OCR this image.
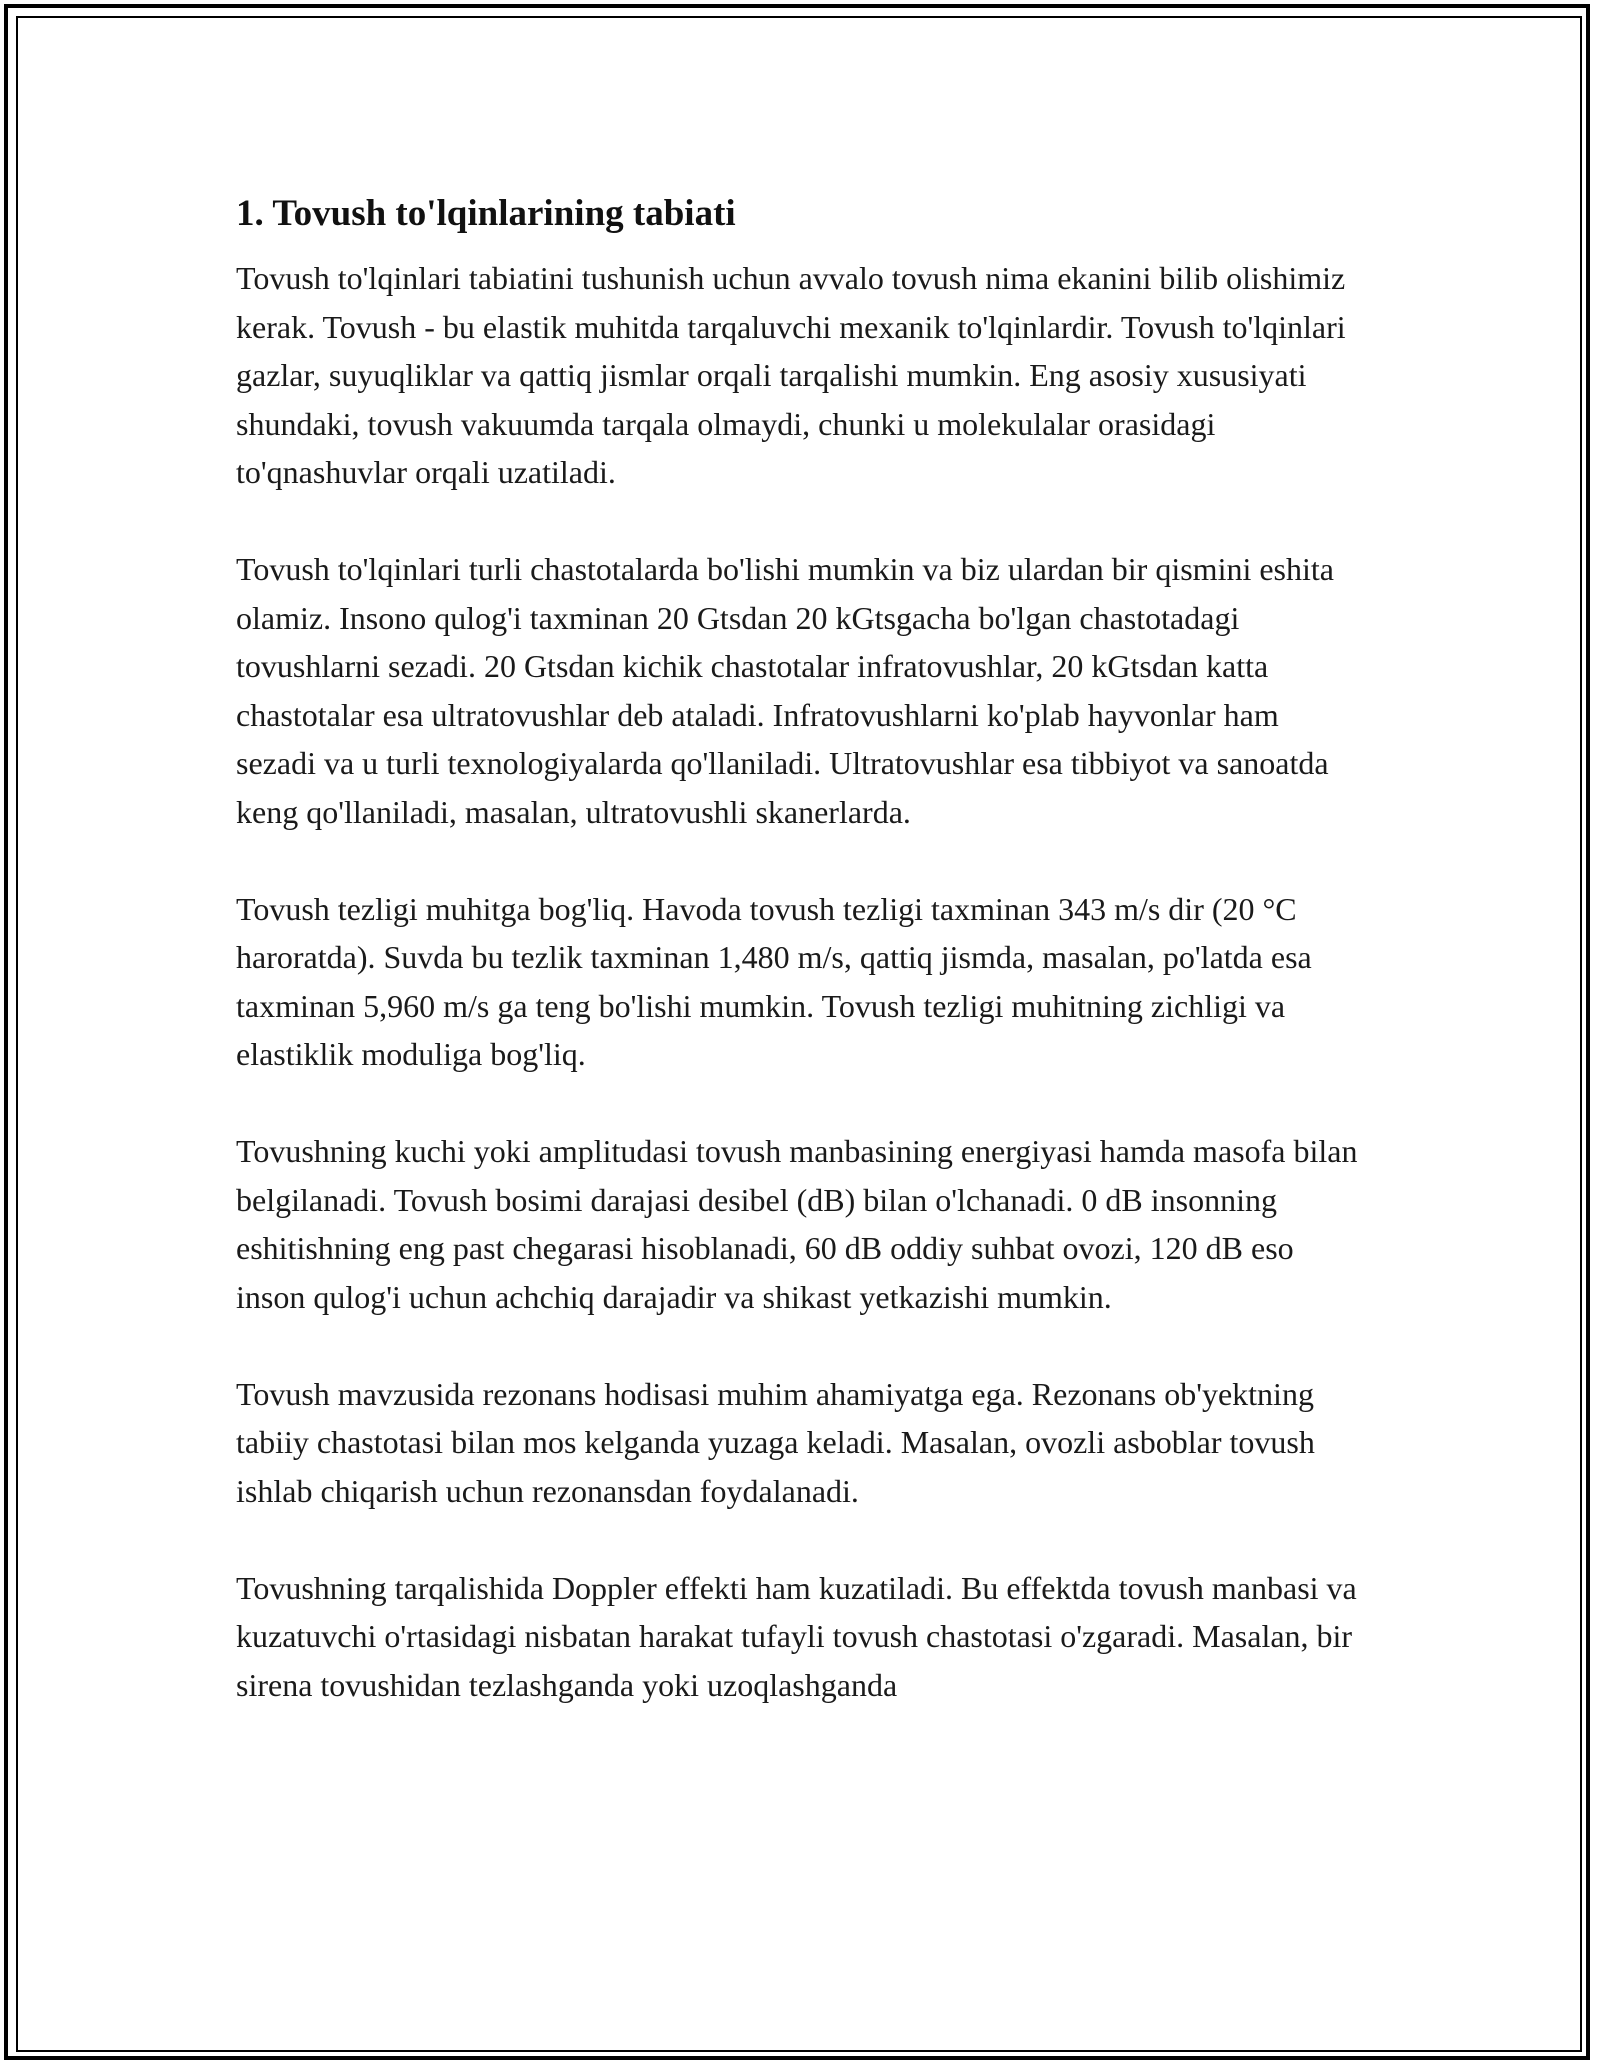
1. Tovush to'lqinlarining tabiati

Tovush to'lqinlari tabiatini tushunish uchun avvalo tovush nima ekanini bilib olishimiz kerak. Tovush - bu elastik muhitda tarqaluvchi mexanik to'lqinlardir. Tovush to'lqinlari gazlar, suyuqliklar va qattiq jismlar orqali tarqalishi mumkin. Eng asosiy xususiyati shundaki, tovush vakuumda tarqala olmaydi, chunki u molekulalar orasidagi to'qnashuvlar orqali uzatiladi.

Tovush to'lqinlari turli chastotalarda bo'lishi mumkin va biz ulardan bir qismini eshita olamiz. Insono qulog'i taxminan 20 Gtsdan 20 kGtsgacha bo'lgan chastotadagi tovushlarni sezadi. 20 Gtsdan kichik chastotalar infratovushlar, 20 kGtsdan katta chastotalar esa ultratovushlar deb ataladi. Infratovushlarni ko'plab hayvonlar ham sezadi va u turli texnologiyalarda qo'llaniladi. Ultratovushlar esa tibbiyot va sanoatda keng qo'llaniladi, masalan, ultratovushli skanerlarda.

Tovush tezligi muhitga bog'liq. Havoda tovush tezligi taxminan 343 m/s dir (20 °C haroratda). Suvda bu tezlik taxminan 1,480 m/s, qattiq jismda, masalan, po'latda esa taxminan 5,960 m/s ga teng bo'lishi mumkin. Tovush tezligi muhitning zichligi va elastiklik moduliga bog'liq.

Tovushning kuchi yoki amplitudasi tovush manbasining energiyasi hamda masofa bilan belgilanadi. Tovush bosimi darajasi desibel (dB) bilan o'lchanadi. 0 dB insonning eshitishning eng past chegarasi hisoblanadi, 60 dB oddiy suhbat ovozi, 120 dB eso inson qulog'i uchun achchiq darajadir va shikast yetkazishi mumkin.

Tovush mavzusida rezonans hodisasi muhim ahamiyatga ega. Rezonans ob'yektning tabiiy chastotasi bilan mos kelganda yuzaga keladi. Masalan, ovozli asboblar tovush ishlab chiqarish uchun rezonansdan foydalanadi.

Tovushning tarqalishida Doppler effekti ham kuzatiladi. Bu effektda tovush manbasi va kuzatuvchi o'rtasidagi nisbatan harakat tufayli tovush chastotasi o'zgaradi. Masalan, bir sirena tovushidan tezlashganda yoki uzoqlashganda
